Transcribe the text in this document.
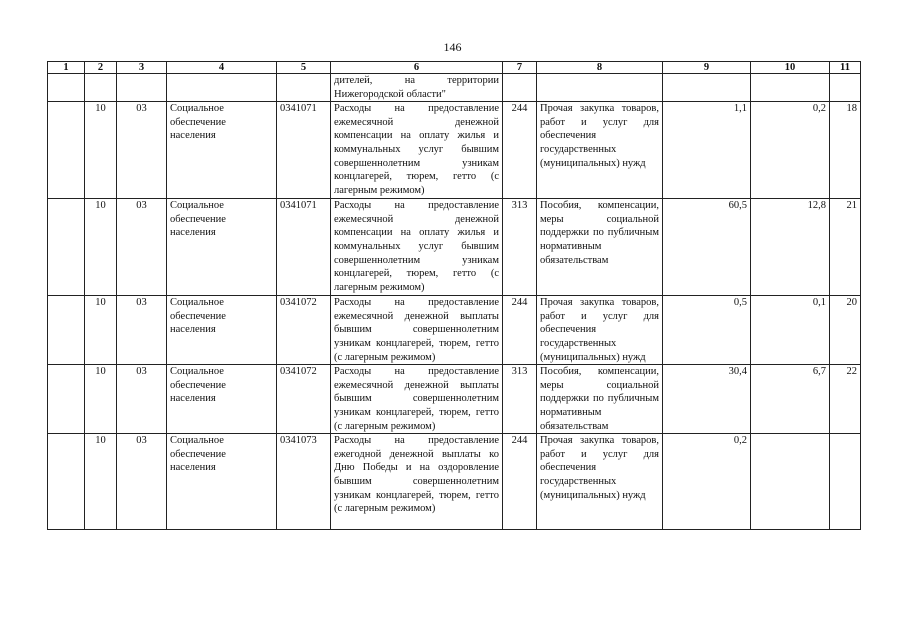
146
1	2	3	4	5	6	7	8	9	10	11
					дителей, на территории Нижегородской области"					
	10	03	Социальное обеспечение населения	0341071	Расходы на предоставление ежемесячной денежной компенсации на оплату жилья и коммунальных услуг бывшим совершеннолетним узникам концлагерей, тюрем, гетто (с лагерным режимом)	244	Прочая закупка товаров, работ и услуг для обеспечения государственных (муниципальных) нужд	1,1	0,2	18
	10	03	Социальное обеспечение населения	0341071	Расходы на предоставление ежемесячной денежной компенсации на оплату жилья и коммунальных услуг бывшим совершеннолетним узникам концлагерей, тюрем, гетто (с лагерным режимом)	313	Пособия, компенсации, меры социальной поддержки по публичным нормативным обязательствам	60,5	12,8	21
	10	03	Социальное обеспечение населения	0341072	Расходы на предоставление ежемесячной денежной выплаты бывшим совершеннолетним узникам концлагерей, тюрем, гетто (с лагерным режимом)	244	Прочая закупка товаров, работ и услуг для обеспечения государственных (муниципальных) нужд	0,5	0,1	20
	10	03	Социальное обеспечение населения	0341072	Расходы на предоставление ежемесячной денежной выплаты бывшим совершеннолетним узникам концлагерей, тюрем, гетто (с лагерным режимом)	313	Пособия, компенсации, меры социальной поддержки по публичным нормативным обязательствам	30,4	6,7	22
	10	03	Социальное обеспечение населения	0341073	Расходы на предоставление ежегодной денежной выплаты ко Дню Победы и на оздоровление бывшим совершеннолетним узникам концлагерей, тюрем, гетто (с лагерным режимом)	244	Прочая закупка товаров, работ и услуг для обеспечения государственных (муниципальных) нужд	0,2		
